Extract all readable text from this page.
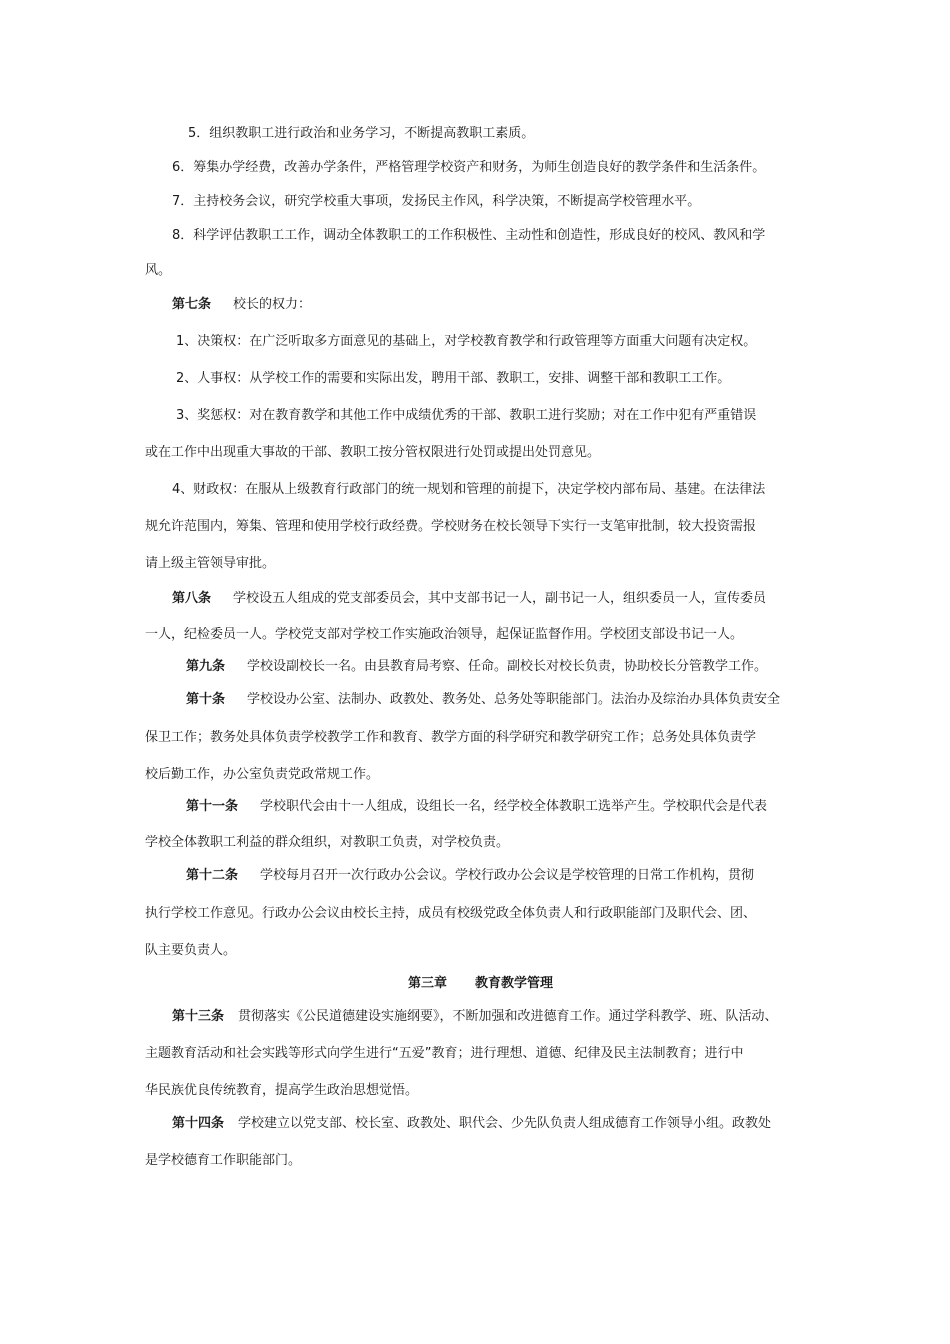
5．组织教职工进行政治和业务学习，不断提高教职工素质。
6．筹集办学经费，改善办学条件，严格管理学校资产和财务，为师生创造良好的教学条件和生活条件。
7．主持校务会议，研究学校重大事项，发扬民主作风，科学决策，不断提高学校管理水平。
8．科学评估教职工工作，调动全体教职工的工作积极性、主动性和创造性，形成良好的校风、教风和学
风。
第七条 校长的权力：
1、决策权：在广泛听取多方面意见的基础上，对学校教育教学和行政管理等方面重大问题有决定权。
2、人事权：从学校工作的需要和实际出发，聘用干部、教职工，安排、调整干部和教职工工作。
3、奖惩权：对在教育教学和其他工作中成绩优秀的干部、教职工进行奖励；对在工作中犯有严重错误
或在工作中出现重大事故的干部、教职工按分管权限进行处罚或提出处罚意见。
4、财政权：在服从上级教育行政部门的统一规划和管理的前提下，决定学校内部布局、基建。在法律法
规允许范围内，筹集、管理和使用学校行政经费。学校财务在校长领导下实行一支笔审批制，较大投资需报
请上级主管领导审批。
第八条 学校设五人组成的党支部委员会，其中支部书记一人，副书记一人，组织委员一人，宣传委员
一人，纪检委员一人。学校党支部对学校工作实施政治领导，起保证监督作用。学校团支部设书记一人。
第九条 学校设副校长一名。由县教育局考察、任命。副校长对校长负责，协助校长分管教学工作。
第十条 学校设办公室、法制办、政教处、教务处、总务处等职能部门。法治办及综治办具体负责安全
保卫工作；教务处具体负责学校教学工作和教育、教学方面的科学研究和教学研究工作；总务处具体负责学
校后勤工作，办公室负责党政常规工作。
第十一条 学校职代会由十一人组成，设组长一名，经学校全体教职工选举产生。学校职代会是代表
学校全体教职工利益的群众组织，对教职工负责，对学校负责。
第十二条 学校每月召开一次行政办公会议。学校行政办公会议是学校管理的日常工作机构，贯彻
执行学校工作意见。行政办公会议由校长主持，成员有校级党政全体负责人和行政职能部门及职代会、团、
队主要负责人。
第三章 教育教学管理
第十三条 贯彻落实《公民道德建设实施纲要》，不断加强和改进德育工作。通过学科教学、班、队活动、
主题教育活动和社会实践等形式向学生进行“五爱”教育；进行理想、道德、纪律及民主法制教育；进行中
华民族优良传统教育，提高学生政治思想觉悟。
第十四条 学校建立以党支部、校长室、政教处、职代会、少先队负责人组成德育工作领导小组。政教处
是学校德育工作职能部门。
